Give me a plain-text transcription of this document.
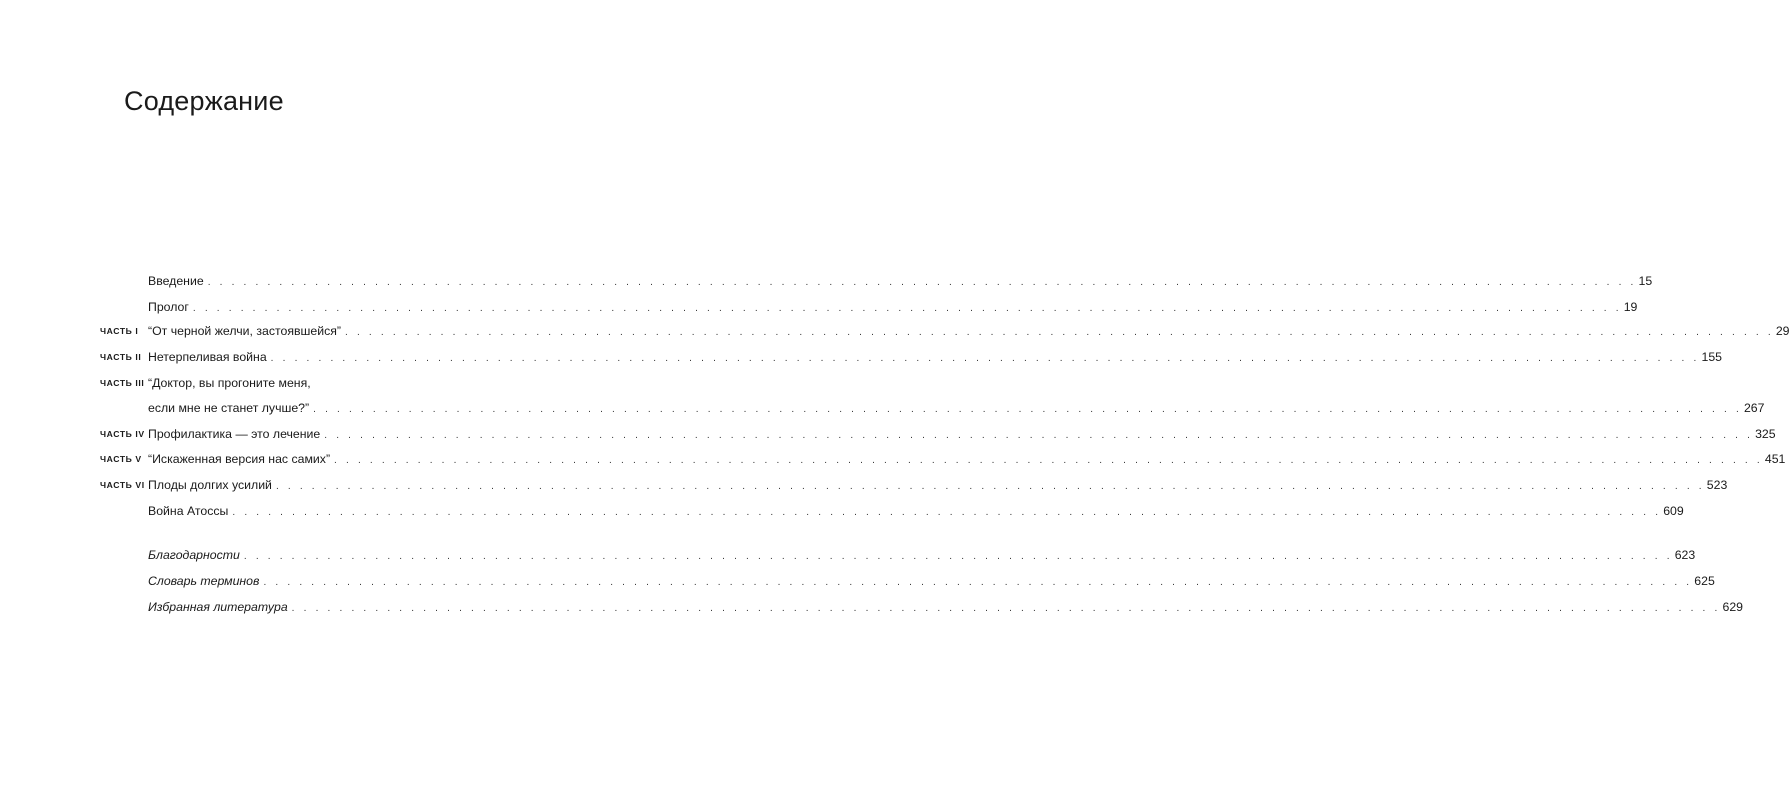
Содержание
Введение . . . . . . . . . . . . . . . . . . . . . . . . . . . . . . . . . . . . . . . . . . . . . . . . . . . . . . . . . . . . . . . . . . . . . . . . . . . . . . . . . . . . . . . . . . . . . . . . . . . . . . . . . . . . . . . . . . . . . . . . 15
Пролог . . . . . . . . . . . . . . . . . . . . . . . . . . . . . . . . . . . . . . . . . . . . . . . . . . . . . . . . . . . . . . . . . . . . . . . . . . . . . . . . . . . . . . . . . . . . . . . . . . . . . . . . . . . . . . . . . . . . . . . . 19
ЧАСТЬ I “От черной желчи, застоявшейся” . . . . . . . . . . . . . . . . . . . . . . . . . . . . . . . . . . . . . . . . . . . . . . . . . . . . . . . . . . . . . . . . . . . . . . . . . . . . . . . . . . . . . . . . . . . . . . . . . . . . . . . . . . . . . . . . . . . . . . . . 29
ЧАСТЬ II Нетерпеливая война . . . . . . . . . . . . . . . . . . . . . . . . . . . . . . . . . . . . . . . . . . . . . . . . . . . . . . . . . . . . . . . . . . . . . . . . . . . . . . . . . . . . . . . . . . . . . . . . . . . . . . . . . . . . . . . . . . . . . . . . 155
ЧАСТЬ III “Доктор, вы прогоните меня,
если мне не станет лучше?” . . . . . . . . . . . . . . . . . . . . . . . . . . . . . . . . . . . . . . . . . . . . . . . . . . . . . . . . . . . . . . . . . . . . . . . . . . . . . . . . . . . . . . . . . . . . . . . . . . . . . . . . . . . . . . . . . . . . . . . . 267
ЧАСТЬ IV Профилактика — это лечение . . . . . . . . . . . . . . . . . . . . . . . . . . . . . . . . . . . . . . . . . . . . . . . . . . . . . . . . . . . . . . . . . . . . . . . . . . . . . . . . . . . . . . . . . . . . . . . . . . . . . . . . . . . . . . . . . . . . . . . . 325
ЧАСТЬ V “Искаженная версия нас самих” . . . . . . . . . . . . . . . . . . . . . . . . . . . . . . . . . . . . . . . . . . . . . . . . . . . . . . . . . . . . . . . . . . . . . . . . . . . . . . . . . . . . . . . . . . . . . . . . . . . . . . . . . . . . . . . . . . . . . . . . 451
ЧАСТЬ VI Плоды долгих усилий . . . . . . . . . . . . . . . . . . . . . . . . . . . . . . . . . . . . . . . . . . . . . . . . . . . . . . . . . . . . . . . . . . . . . . . . . . . . . . . . . . . . . . . . . . . . . . . . . . . . . . . . . . . . . . . . . . . . . . . . 523
Война Атоссы . . . . . . . . . . . . . . . . . . . . . . . . . . . . . . . . . . . . . . . . . . . . . . . . . . . . . . . . . . . . . . . . . . . . . . . . . . . . . . . . . . . . . . . . . . . . . . . . . . . . . . . . . . . . . . . . . . . . . . . . 609
Благодарности . . . . . . . . . . . . . . . . . . . . . . . . . . . . . . . . . . . . . . . . . . . . . . . . . . . . . . . . . . . . . . . . . . . . . . . . . . . . . . . . . . . . . . . . . . . . . . . . . . . . . . . . . . . . . . . . . . . . . . . . 623
Словарь терминов . . . . . . . . . . . . . . . . . . . . . . . . . . . . . . . . . . . . . . . . . . . . . . . . . . . . . . . . . . . . . . . . . . . . . . . . . . . . . . . . . . . . . . . . . . . . . . . . . . . . . . . . . . . . . . . . . . . . . . . . 625
Избранная литература . . . . . . . . . . . . . . . . . . . . . . . . . . . . . . . . . . . . . . . . . . . . . . . . . . . . . . . . . . . . . . . . . . . . . . . . . . . . . . . . . . . . . . . . . . . . . . . . . . . . . . . . . . . . . . . . . . . . . . . . 629
